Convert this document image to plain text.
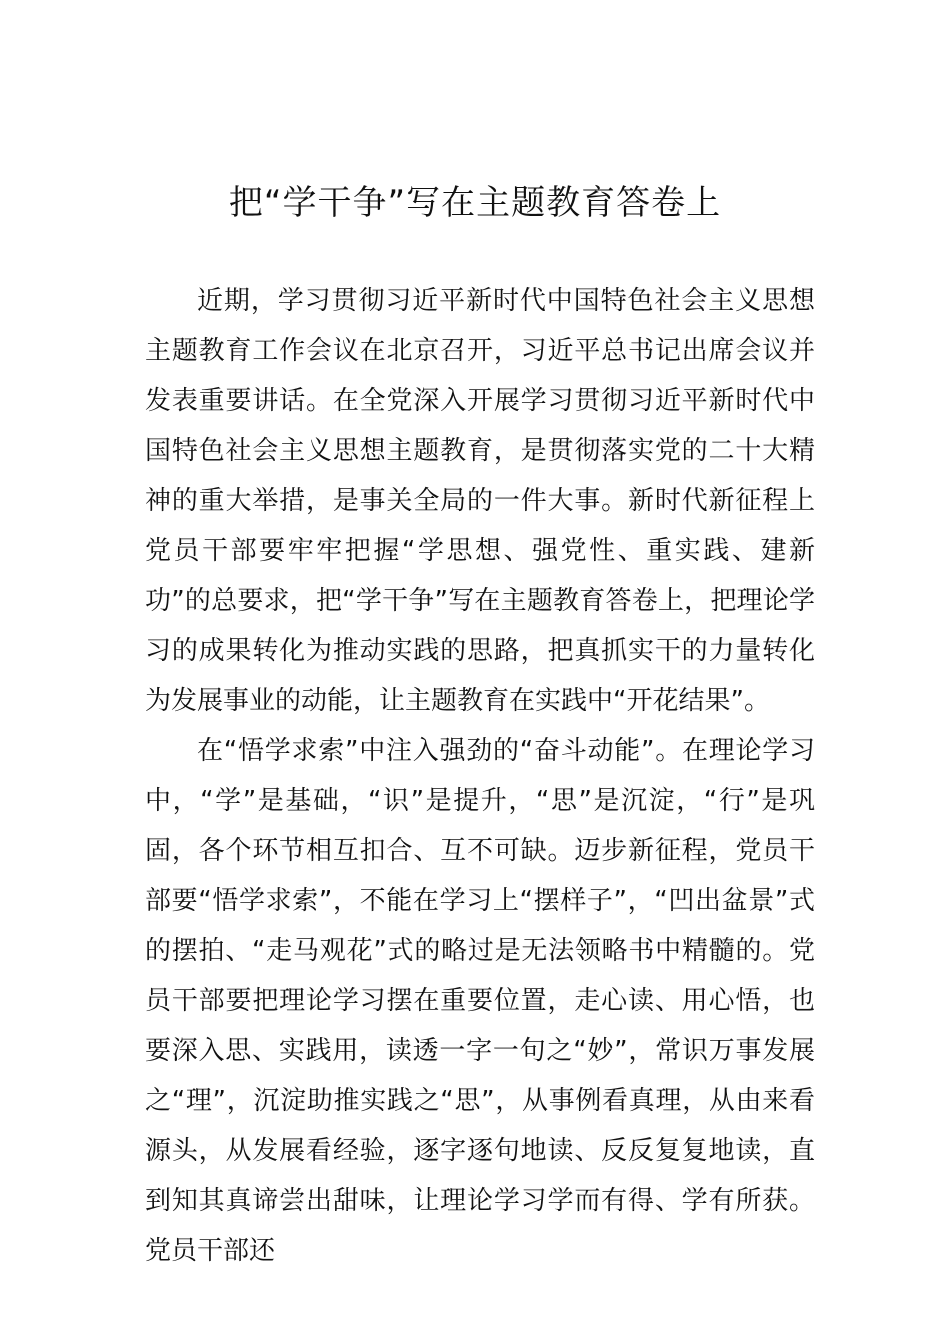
把“学干争”写在主题教育答卷上

近期，学习贯彻习近平新时代中国特色社会主义思想主题教育工作会议在北京召开，习近平总书记出席会议并发表重要讲话。在全党深入开展学习贯彻习近平新时代中国特色社会主义思想主题教育，是贯彻落实党的二十大精神的重大举措，是事关全局的一件大事。新时代新征程上党员干部要牢牢把握“学思想、强党性、重实践、建新功”的总要求，把“学干争”写在主题教育答卷上，把理论学习的成果转化为推动实践的思路，把真抓实干的力量转化为发展事业的动能，让主题教育在实践中“开花结果”。

在“悟学求索”中注入强劲的“奋斗动能”。在理论学习中，“学”是基础，“识”是提升，“思”是沉淀，“行”是巩固，各个环节相互扣合、互不可缺。迈步新征程，党员干部要“悟学求索”，不能在学习上“摆样子”，“凹出盆景”式的摆拍、“走马观花”式的略过是无法领略书中精髓的。党员干部要把理论学习摆在重要位置，走心读、用心悟，也要深入思、实践用，读透一字一句之“妙”，常识万事发展之“理”，沉淀助推实践之“思”，从事例看真理，从由来看源头，从发展看经验，逐字逐句地读、反反复复地读，直到知其真谛尝出甜味，让理论学习学而有得、学有所获。党员干部还
